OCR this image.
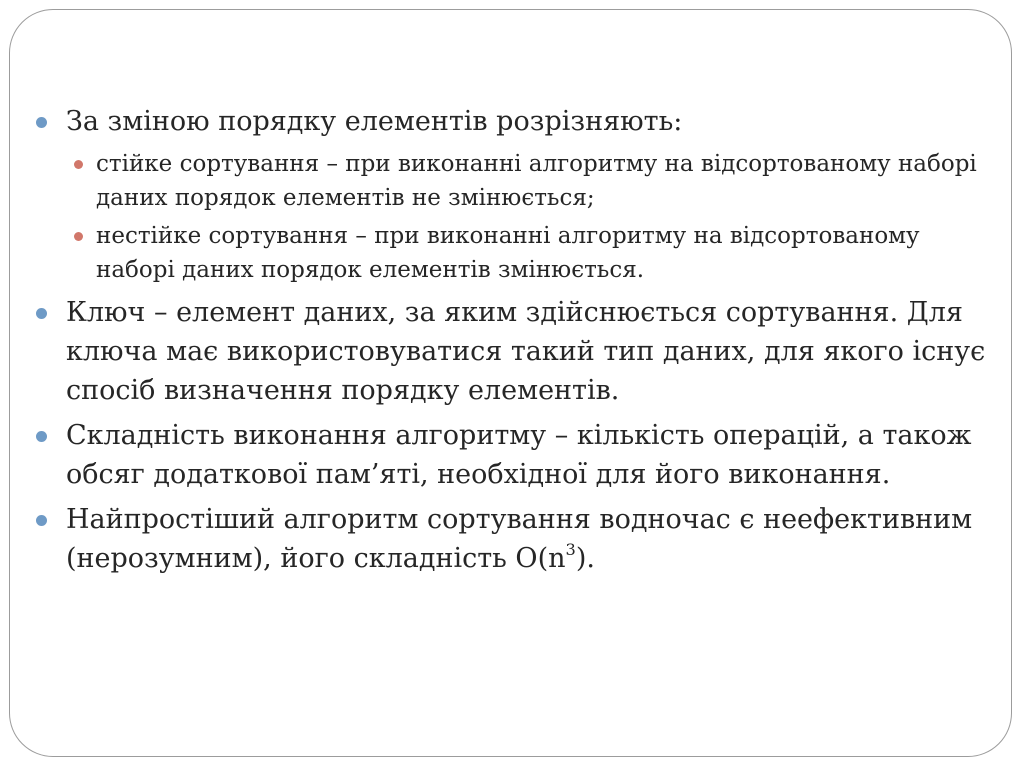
За зміною порядку елементів розрізняють:
стійке сортування – при виконанні алгоритму на відсортованому наборі даних порядок елементів не змінюється;
нестійке сортування – при виконанні алгоритму на відсортованому наборі даних порядок елементів змінюється.
Ключ – елемент даних, за яким здійснюється сортування. Для ключа має використовуватися такий тип даних, для якого існує спосіб визначення порядку елементів.
Складність виконання алгоритму – кількість операцій, а також обсяг додаткової пам’яті, необхідної для його виконання.
Найпростіший алгоритм сортування водночас є неефективним (нерозумним), його складність $O(n^3)$.
